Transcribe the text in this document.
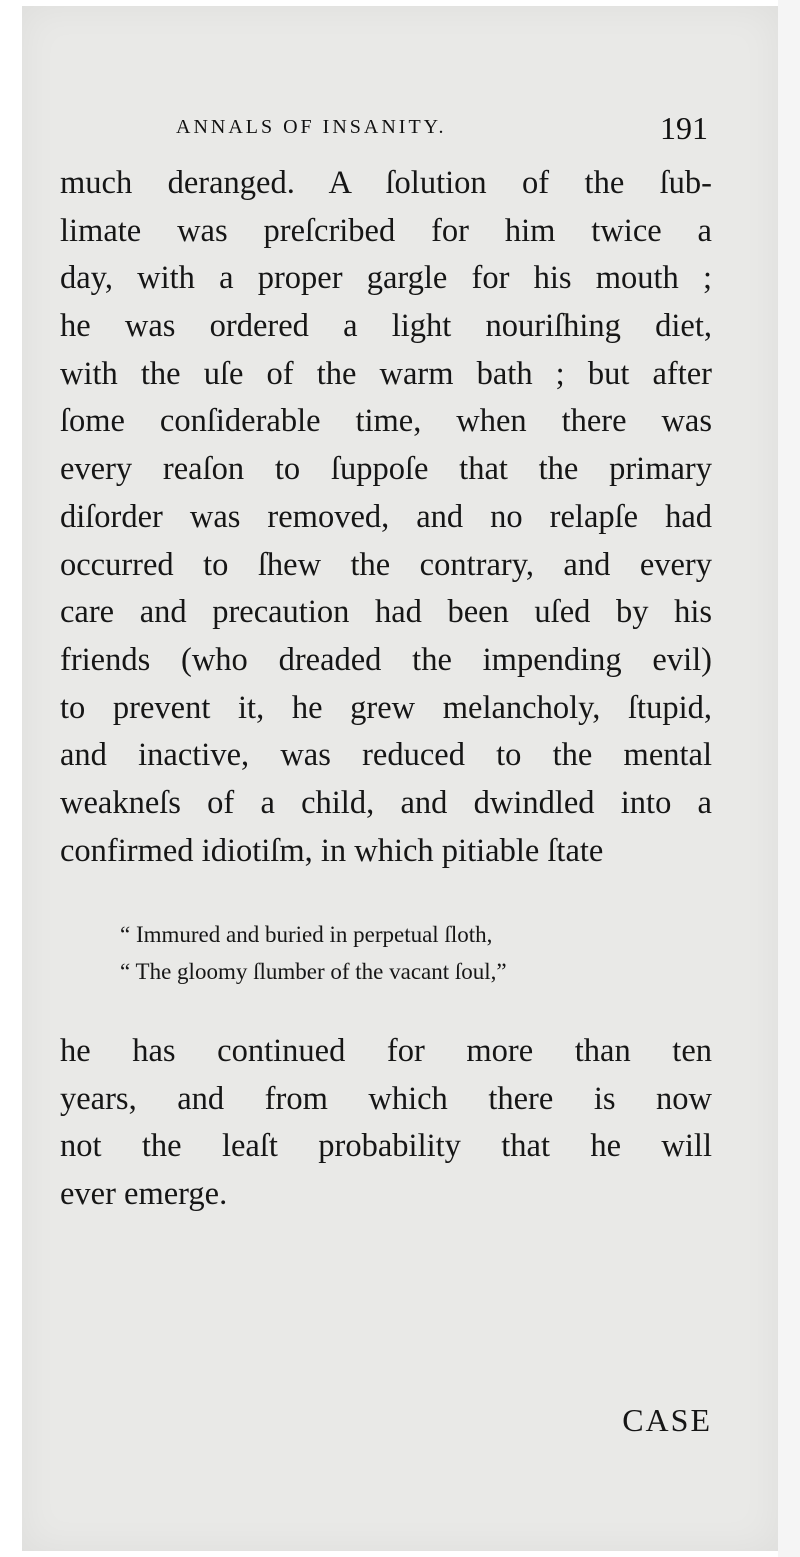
ANNALS OF INSANITY.	191
much deranged. A ſolution of the ſub-
limate was preſcribed for him twice a
day, with a proper gargle for his mouth ;
he was ordered a light nouriſhing diet,
with the uſe of the warm bath ; but after
ſome conſiderable time, when there was
every reaſon to ſuppoſe that the primary
diſorder was removed, and no relapſe had
occurred to ſhew the contrary, and every
care and precaution had been uſed by his
friends (who dreaded the impending evil)
to prevent it, he grew melancholy, ſtupid,
and inactive, was reduced to the mental
weakneſs of a child, and dwindled into a
confirmed idiotiſm, in which pitiable ſtate
“ Immured and buried in perpetual ſloth,
“ The gloomy ſlumber of the vacant ſoul,”
he has continued for more than ten
years, and from which there is now
not the leaſt probability that he will
ever emerge.
CASE
